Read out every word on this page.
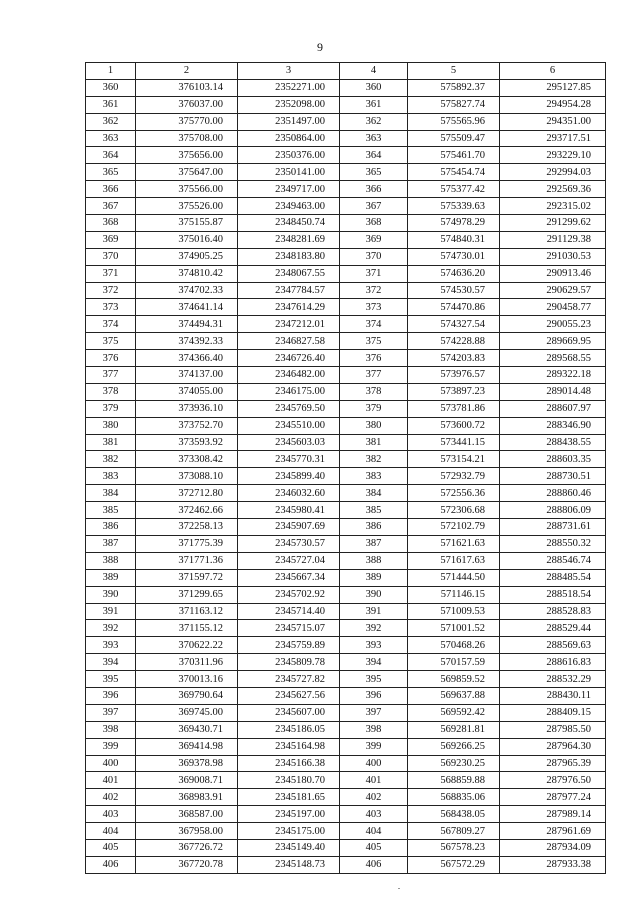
9
1	2	3	4	5	6
360	376103.14	2352271.00	360	575892.37	295127.85
361	376037.00	2352098.00	361	575827.74	294954.28
362	375770.00	2351497.00	362	575565.96	294351.00
363	375708.00	2350864.00	363	575509.47	293717.51
364	375656.00	2350376.00	364	575461.70	293229.10
365	375647.00	2350141.00	365	575454.74	292994.03
366	375566.00	2349717.00	366	575377.42	292569.36
367	375526.00	2349463.00	367	575339.63	292315.02
368	375155.87	2348450.74	368	574978.29	291299.62
369	375016.40	2348281.69	369	574840.31	291129.38
370	374905.25	2348183.80	370	574730.01	291030.53
371	374810.42	2348067.55	371	574636.20	290913.46
372	374702.33	2347784.57	372	574530.57	290629.57
373	374641.14	2347614.29	373	574470.86	290458.77
374	374494.31	2347212.01	374	574327.54	290055.23
375	374392.33	2346827.58	375	574228.88	289669.95
376	374366.40	2346726.40	376	574203.83	289568.55
377	374137.00	2346482.00	377	573976.57	289322.18
378	374055.00	2346175.00	378	573897.23	289014.48
379	373936.10	2345769.50	379	573781.86	288607.97
380	373752.70	2345510.00	380	573600.72	288346.90
381	373593.92	2345603.03	381	573441.15	288438.55
382	373308.42	2345770.31	382	573154.21	288603.35
383	373088.10	2345899.40	383	572932.79	288730.51
384	372712.80	2346032.60	384	572556.36	288860.46
385	372462.66	2345980.41	385	572306.68	288806.09
386	372258.13	2345907.69	386	572102.79	288731.61
387	371775.39	2345730.57	387	571621.63	288550.32
388	371771.36	2345727.04	388	571617.63	288546.74
389	371597.72	2345667.34	389	571444.50	288485.54
390	371299.65	2345702.92	390	571146.15	288518.54
391	371163.12	2345714.40	391	571009.53	288528.83
392	371155.12	2345715.07	392	571001.52	288529.44
393	370622.22	2345759.89	393	570468.26	288569.63
394	370311.96	2345809.78	394	570157.59	288616.83
395	370013.16	2345727.82	395	569859.52	288532.29
396	369790.64	2345627.56	396	569637.88	288430.11
397	369745.00	2345607.00	397	569592.42	288409.15
398	369430.71	2345186.05	398	569281.81	287985.50
399	369414.98	2345164.98	399	569266.25	287964.30
400	369378.98	2345166.38	400	569230.25	287965.39
401	369008.71	2345180.70	401	568859.88	287976.50
402	368983.91	2345181.65	402	568835.06	287977.24
403	368587.00	2345197.00	403	568438.05	287989.14
404	367958.00	2345175.00	404	567809.27	287961.69
405	367726.72	2345149.40	405	567578.23	287934.09
406	367720.78	2345148.73	406	567572.29	287933.38
